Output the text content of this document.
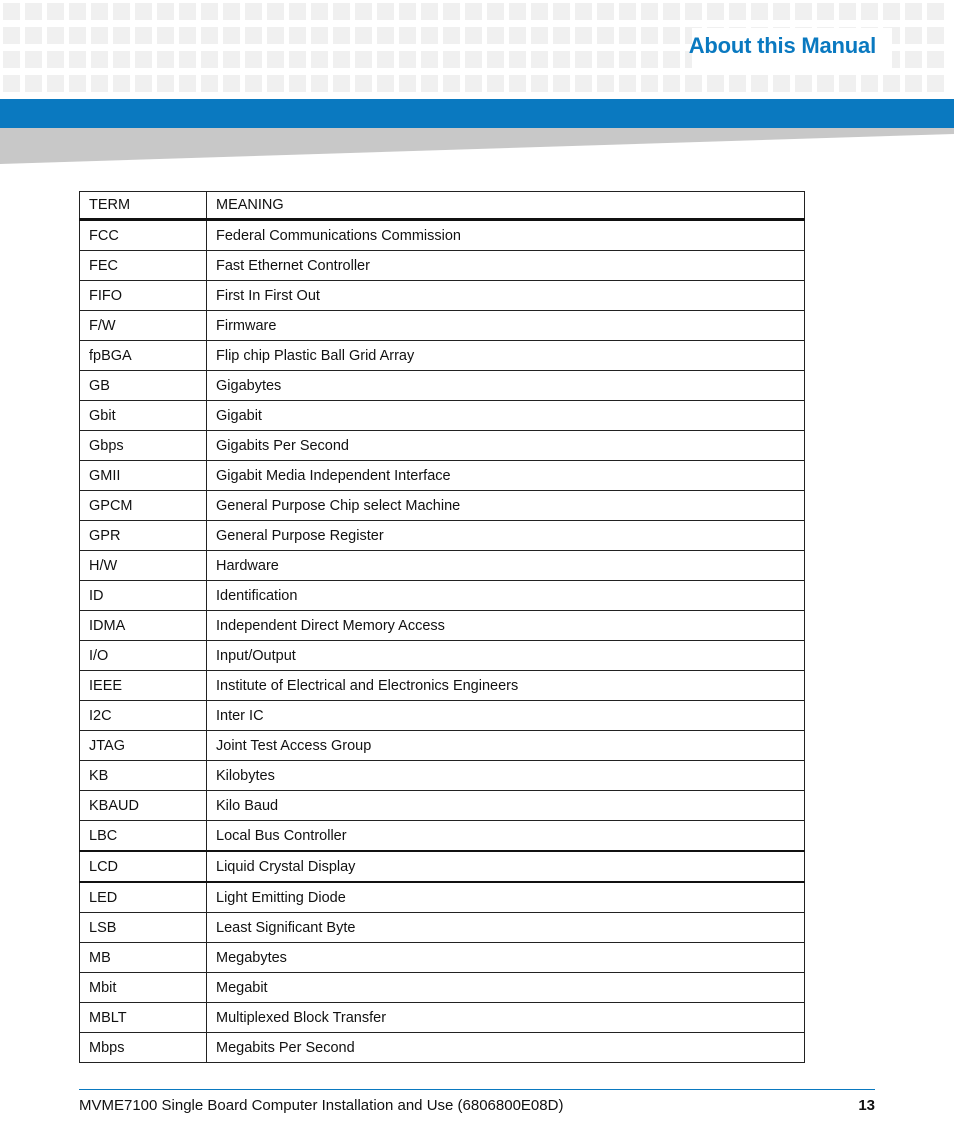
About this Manual
TERM	MEANING
FCC	Federal Communications Commission
FEC	Fast Ethernet Controller
FIFO	First In First Out
F/W	Firmware
fpBGA	Flip chip Plastic Ball Grid Array
GB	Gigabytes
Gbit	Gigabit
Gbps	Gigabits Per Second
GMII	Gigabit Media Independent Interface
GPCM	General Purpose Chip select Machine
GPR	General Purpose Register
H/W	Hardware
ID	Identification
IDMA	Independent Direct Memory Access
I/O	Input/Output
IEEE	Institute of Electrical and Electronics Engineers
I2C	Inter IC
JTAG	Joint Test Access Group
KB	Kilobytes
KBAUD	Kilo Baud
LBC	Local Bus Controller
LCD	Liquid Crystal Display
LED	Light Emitting Diode
LSB	Least Significant Byte
MB	Megabytes
Mbit	Megabit
MBLT	Multiplexed Block Transfer
Mbps	Megabits Per Second
MVME7100 Single Board Computer Installation and Use (6806800E08D)	13
